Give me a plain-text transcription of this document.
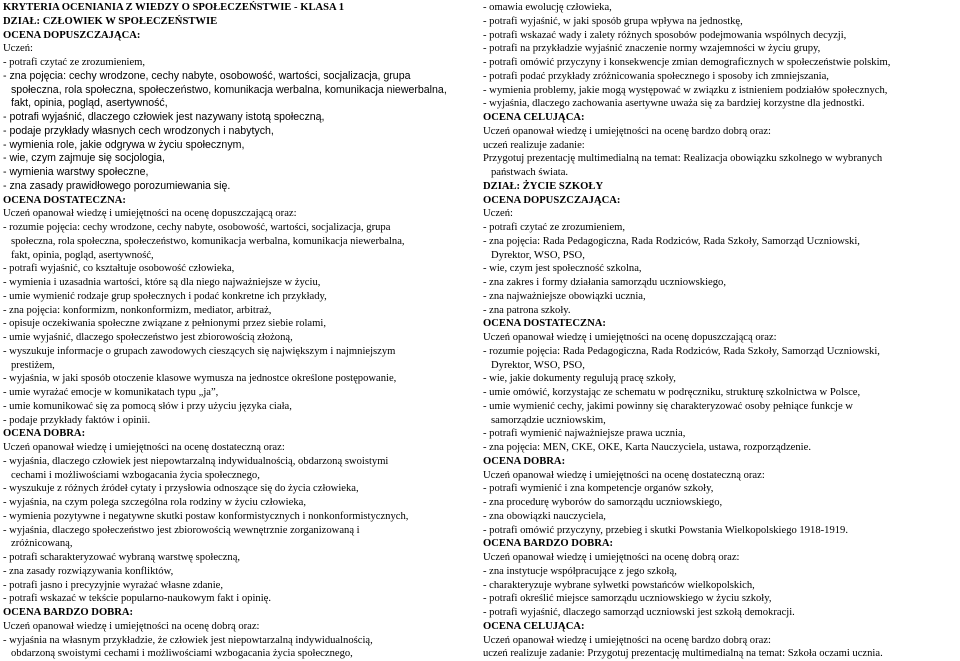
KRYTERIA OCENIANIA Z WIEDZY O SPOŁECZEŃSTWIE - KLASA 1
DZIAŁ: CZŁOWIEK W SPOŁECZEŃSTWIE
OCENA DOPUSZCZAJĄCA:
Uczeń:
- potrafi czytać ze zrozumieniem,
- zna pojęcia: cechy wrodzone, cechy nabyte, osobowość, wartości, socjalizacja, grupa
społeczna, rola społeczna, społeczeństwo, komunikacja werbalna, komunikacja niewerbalna,
fakt, opinia, pogląd, asertywność,
- potrafi wyjaśnić, dlaczego człowiek jest nazywany istotą społeczną,
- podaje przykłady własnych cech wrodzonych i nabytych,
- wymienia role, jakie odgrywa w życiu społecznym,
- wie, czym zajmuje się socjologia,
- wymienia warstwy społeczne,
- zna zasady prawidłowego porozumiewania się.
OCENA DOSTATECZNA:
Uczeń opanował wiedzę i umiejętności na ocenę dopuszczającą oraz:
- rozumie pojęcia: cechy wrodzone, cechy nabyte, osobowość, wartości, socjalizacja, grupa
społeczna, rola społeczna, społeczeństwo, komunikacja werbalna, komunikacja niewerbalna,
fakt, opinia, pogląd, asertywność,
- potrafi wyjaśnić, co kształtuje osobowość człowieka,
- wymienia i uzasadnia wartości, które są dla niego najważniejsze w życiu,
- umie wymienić rodzaje grup społecznych i podać konkretne ich przykłady,
- zna pojęcia: konformizm, nonkonformizm, mediator, arbitraż,
- opisuje oczekiwania społeczne związane z pełnionymi przez siebie rolami,
- umie wyjaśnić, dlaczego społeczeństwo jest zbiorowością złożoną,
- wyszukuje informacje o grupach zawodowych cieszących się największym i najmniejszym
prestiżem,
- wyjaśnia, w jaki sposób otoczenie klasowe wymusza na jednostce określone postępowanie,
- umie wyrażać emocje w komunikatach typu „ja”,
- umie komunikować się za pomocą słów i przy użyciu języka ciała,
- podaje przykłady faktów i opinii.
OCENA DOBRA:
Uczeń opanował wiedzę i umiejętności na ocenę dostateczną oraz:
- wyjaśnia, dlaczego człowiek jest niepowtarzalną indywidualnością, obdarzoną swoistymi
cechami i możliwościami wzbogacania życia społecznego,
- wyszukuje z różnych źródeł cytaty i przysłowia odnoszące się do życia człowieka,
- wyjaśnia, na czym polega szczególna rola rodziny w życiu człowieka,
- wymienia pozytywne i negatywne skutki postaw konformistycznych i nonkonformistycznych,
- wyjaśnia, dlaczego społeczeństwo jest zbiorowością wewnętrznie zorganizowaną i
zróżnicowaną,
- potrafi scharakteryzować wybraną warstwę społeczną,
- zna zasady rozwiązywania konfliktów,
- potrafi jasno i precyzyjnie wyrażać własne zdanie,
- potrafi wskazać w tekście popularno-naukowym fakt i opinię.
OCENA BARDZO DOBRA:
Uczeń opanował wiedzę i umiejętności na ocenę dobrą oraz:
- wyjaśnia na własnym przykładzie, że człowiek jest niepowtarzalną indywidualnością,
obdarzoną swoistymi cechami i możliwościami wzbogacania życia społecznego,
- omawia ewolucję człowieka,
- potrafi wyjaśnić, w jaki sposób grupa wpływa na jednostkę,
- potrafi wskazać wady i zalety różnych sposobów podejmowania wspólnych decyzji,
- potrafi na przykładzie wyjaśnić znaczenie normy wzajemności w życiu grupy,
- potrafi omówić przyczyny i konsekwencje zmian demograficznych w społeczeństwie polskim,
- potrafi podać przykłady zróżnicowania społecznego i sposoby ich zmniejszania,
- wymienia problemy, jakie mogą występować w związku z istnieniem podziałów społecznych,
- wyjaśnia, dlaczego zachowania asertywne uważa się za bardziej korzystne dla jednostki.
OCENA CELUJĄCA:
Uczeń opanował wiedzę i umiejętności na ocenę bardzo dobrą oraz:
uczeń realizuje zadanie:
Przygotuj prezentację multimedialną na temat: Realizacja obowiązku szkolnego w wybranych
państwach świata.
DZIAŁ: ŻYCIE SZKOŁY
OCENA DOPUSZCZAJĄCA:
Uczeń:
- potrafi czytać ze zrozumieniem,
- zna pojęcia: Rada Pedagogiczna, Rada Rodziców, Rada Szkoły, Samorząd Uczniowski,
Dyrektor, WSO, PSO,
- wie, czym jest społeczność szkolna,
- zna zakres i formy działania samorządu uczniowskiego,
- zna najważniejsze obowiązki ucznia,
- zna patrona szkoły.
OCENA DOSTATECZNA:
Uczeń opanował wiedzę i umiejętności na ocenę dopuszczającą oraz:
- rozumie pojęcia: Rada Pedagogiczna, Rada Rodziców, Rada Szkoły, Samorząd Uczniowski,
Dyrektor, WSO, PSO,
- wie, jakie dokumenty regulują pracę szkoły,
- umie omówić, korzystając ze schematu w podręczniku, strukturę szkolnictwa w Polsce,
- umie wymienić cechy, jakimi powinny się charakteryzować osoby pełniące funkcje w
samorządzie uczniowskim,
- potrafi wymienić najważniejsze prawa ucznia,
- zna pojęcia: MEN, CKE, OKE, Karta Nauczyciela, ustawa, rozporządzenie.
OCENA DOBRA:
Uczeń opanował wiedzę i umiejętności na ocenę dostateczną oraz:
- potrafi wymienić i zna kompetencje organów szkoły,
- zna procedurę wyborów do samorządu uczniowskiego,
- zna obowiązki nauczyciela,
- potrafi omówić przyczyny, przebieg i skutki Powstania Wielkopolskiego 1918-1919.
OCENA BARDZO DOBRA:
Uczeń opanował wiedzę i umiejętności na ocenę dobrą oraz:
- zna instytucje współpracujące z jego szkołą,
- charakteryzuje wybrane sylwetki powstańców wielkopolskich,
- potrafi określić miejsce samorządu uczniowskiego w życiu szkoły,
- potrafi wyjaśnić, dlaczego samorząd uczniowski jest szkołą demokracji.
OCENA CELUJĄCA:
Uczeń opanował wiedzę i umiejętności na ocenę bardzo dobrą oraz:
uczeń realizuje zadanie: Przygotuj prezentację multimedialną na temat: Szkoła oczami ucznia.
